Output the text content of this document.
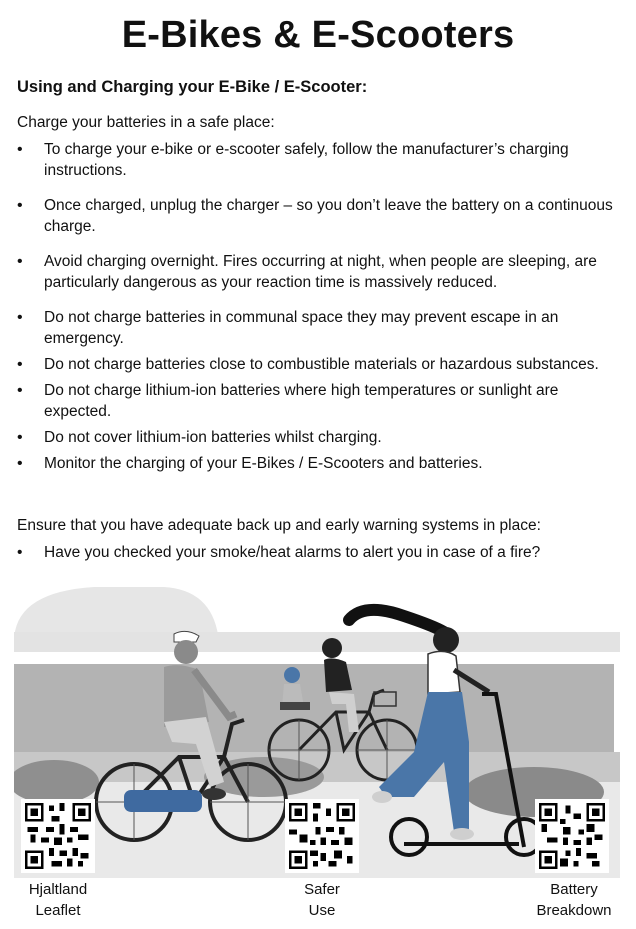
E-Bikes & E-Scooters
Using and Charging your E-Bike / E-Scooter:
Charge your batteries in a safe place:
• To charge your e-bike or e-scooter safely, follow the manufacturer’s charging instructions.
• Once charged, unplug the charger – so you don’t leave the battery on a continuous charge.
• Avoid charging overnight. Fires occurring at night, when people are sleeping, are particularly dangerous as your reaction time is massively reduced.
• Do not charge batteries in communal space they may prevent escape in an emergency.
• Do not charge batteries close to combustible materials or hazardous substances.
• Do not charge lithium-ion batteries where high temperatures or sunlight are expected.
• Do not cover lithium-ion batteries whilst charging.
• Monitor the charging of your E-Bikes / E-Scooters and batteries.
Ensure that you have adequate back up and early warning systems in place:
• Have you checked your smoke/heat alarms to alert you in case of a fire?
Hjaltland
Leaflet
Safer
Use
Battery
Breakdown
